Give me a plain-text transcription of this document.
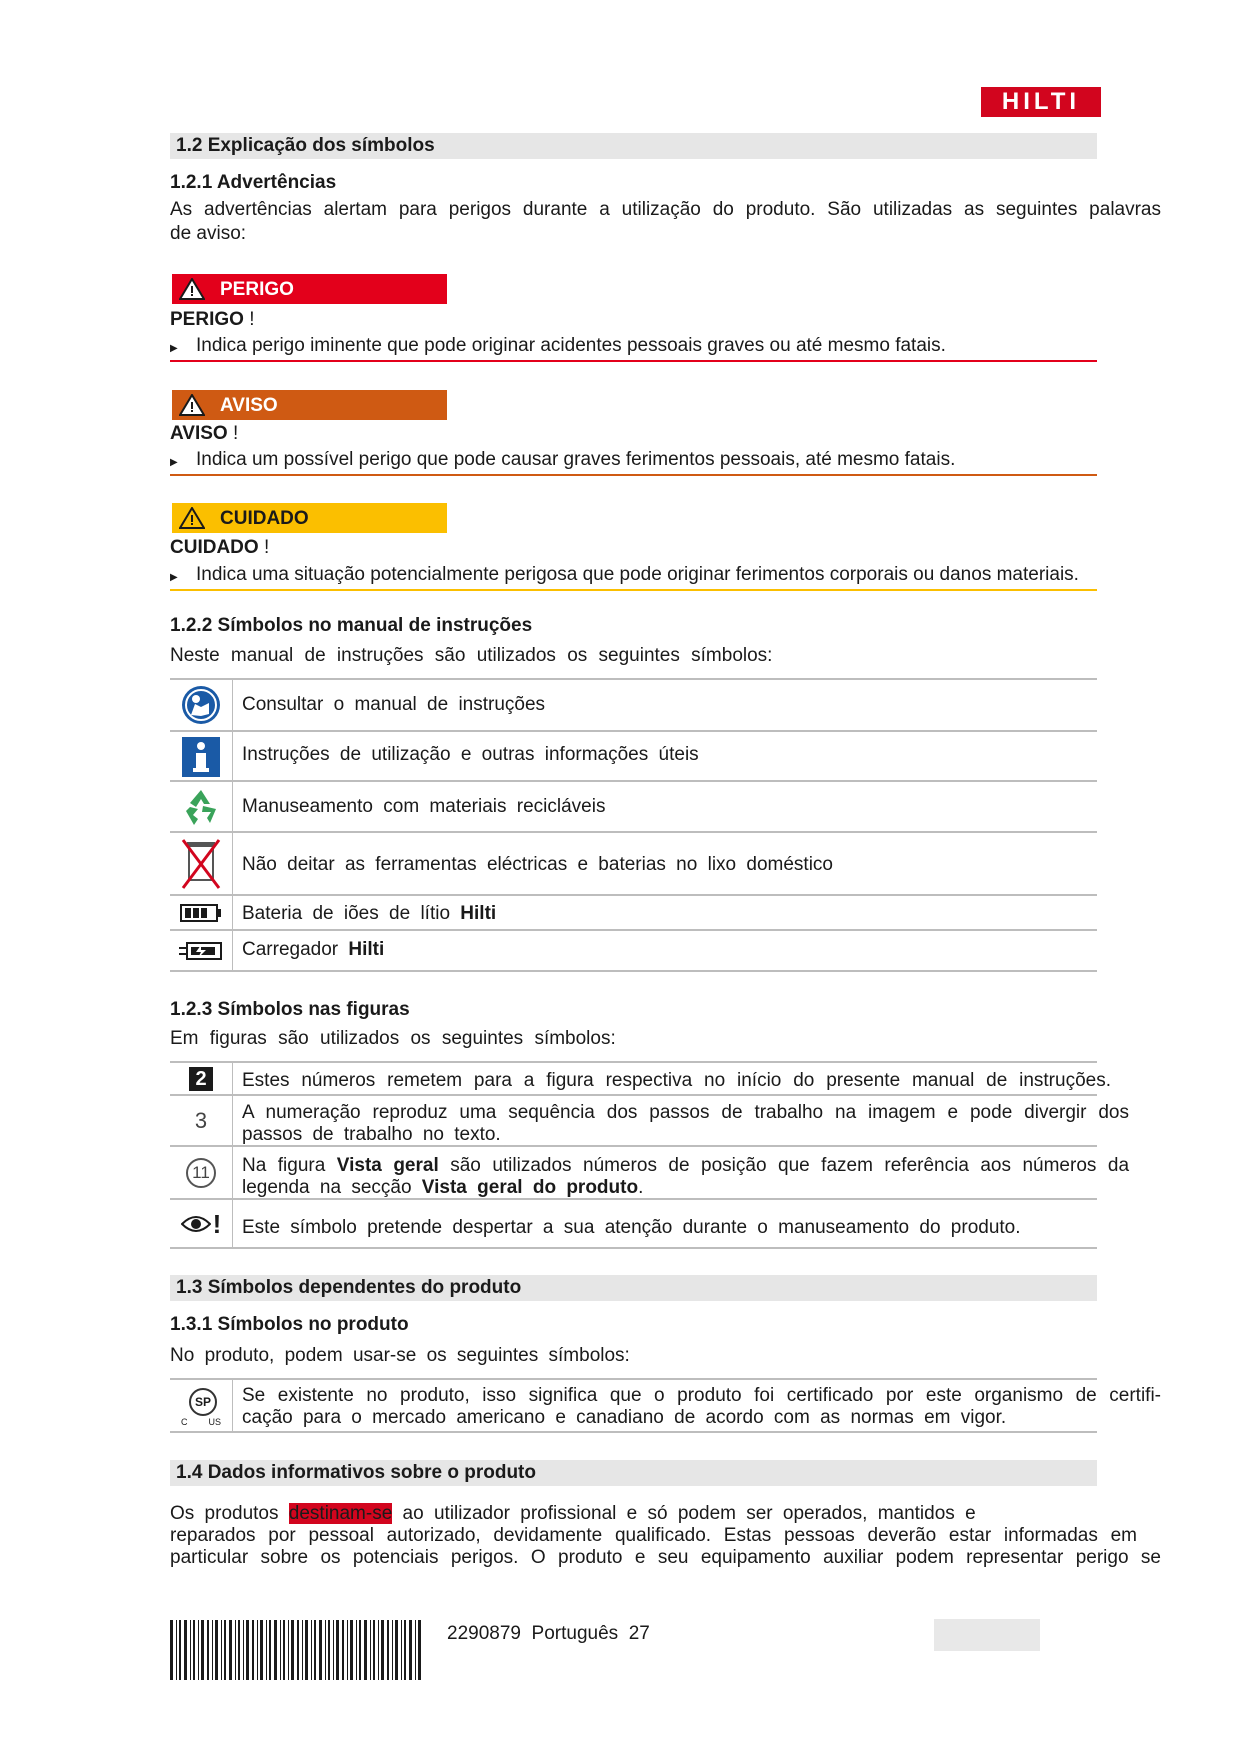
HILTI
1.2 Explicação dos símbolos
1.2.1 Advertências
As advertências alertam para perigos durante a utilização do produto. São utilizadas as seguintes palavras
de aviso:
PERIGO
PERIGO !
▶ Indica perigo iminente que pode originar acidentes pessoais graves ou até mesmo fatais.
AVISO
AVISO !
▶ Indica um possível perigo que pode causar graves ferimentos pessoais, até mesmo fatais.
CUIDADO
CUIDADO !
▶ Indica uma situação potencialmente perigosa que pode originar ferimentos corporais ou danos materiais.
1.2.2 Símbolos no manual de instruções
Neste manual de instruções são utilizados os seguintes símbolos:
Consultar o manual de instruções
Instruções de utilização e outras informações úteis
Manuseamento com materiais recicláveis
Não deitar as ferramentas eléctricas e baterias no lixo doméstico
Bateria de iões de lítio Hilti
Carregador Hilti
1.2.3 Símbolos nas figuras
Em figuras são utilizados os seguintes símbolos:
2	Estes números remetem para a figura respectiva no início do presente manual de instruções.
3	A numeração reproduz uma sequência dos passos de trabalho na imagem e pode divergir dos
passos de trabalho no texto.
11	Na figura Vista geral são utilizados números de posição que fazem referência aos números da
legenda na secção Vista geral do produto.
! Este símbolo pretende despertar a sua atenção durante o manuseamento do produto.
1.3 Símbolos dependentes do produto
1.3.1 Símbolos no produto
No produto, podem usar-se os seguintes símbolos:
SP
C US
Se existente no produto, isso significa que o produto foi certificado por este organismo de certifi-
cação para o mercado americano e canadiano de acordo com as normas em vigor.
1.4 Dados informativos sobre o produto
Os produtos destinam-se ao utilizador profissional e só podem ser operados, mantidos e
reparados por pessoal autorizado, devidamente qualificado. Estas pessoas deverão estar informadas em
particular sobre os potenciais perigos. O produto e seu equipamento auxiliar podem representar perigo se
2290879 Português 27
